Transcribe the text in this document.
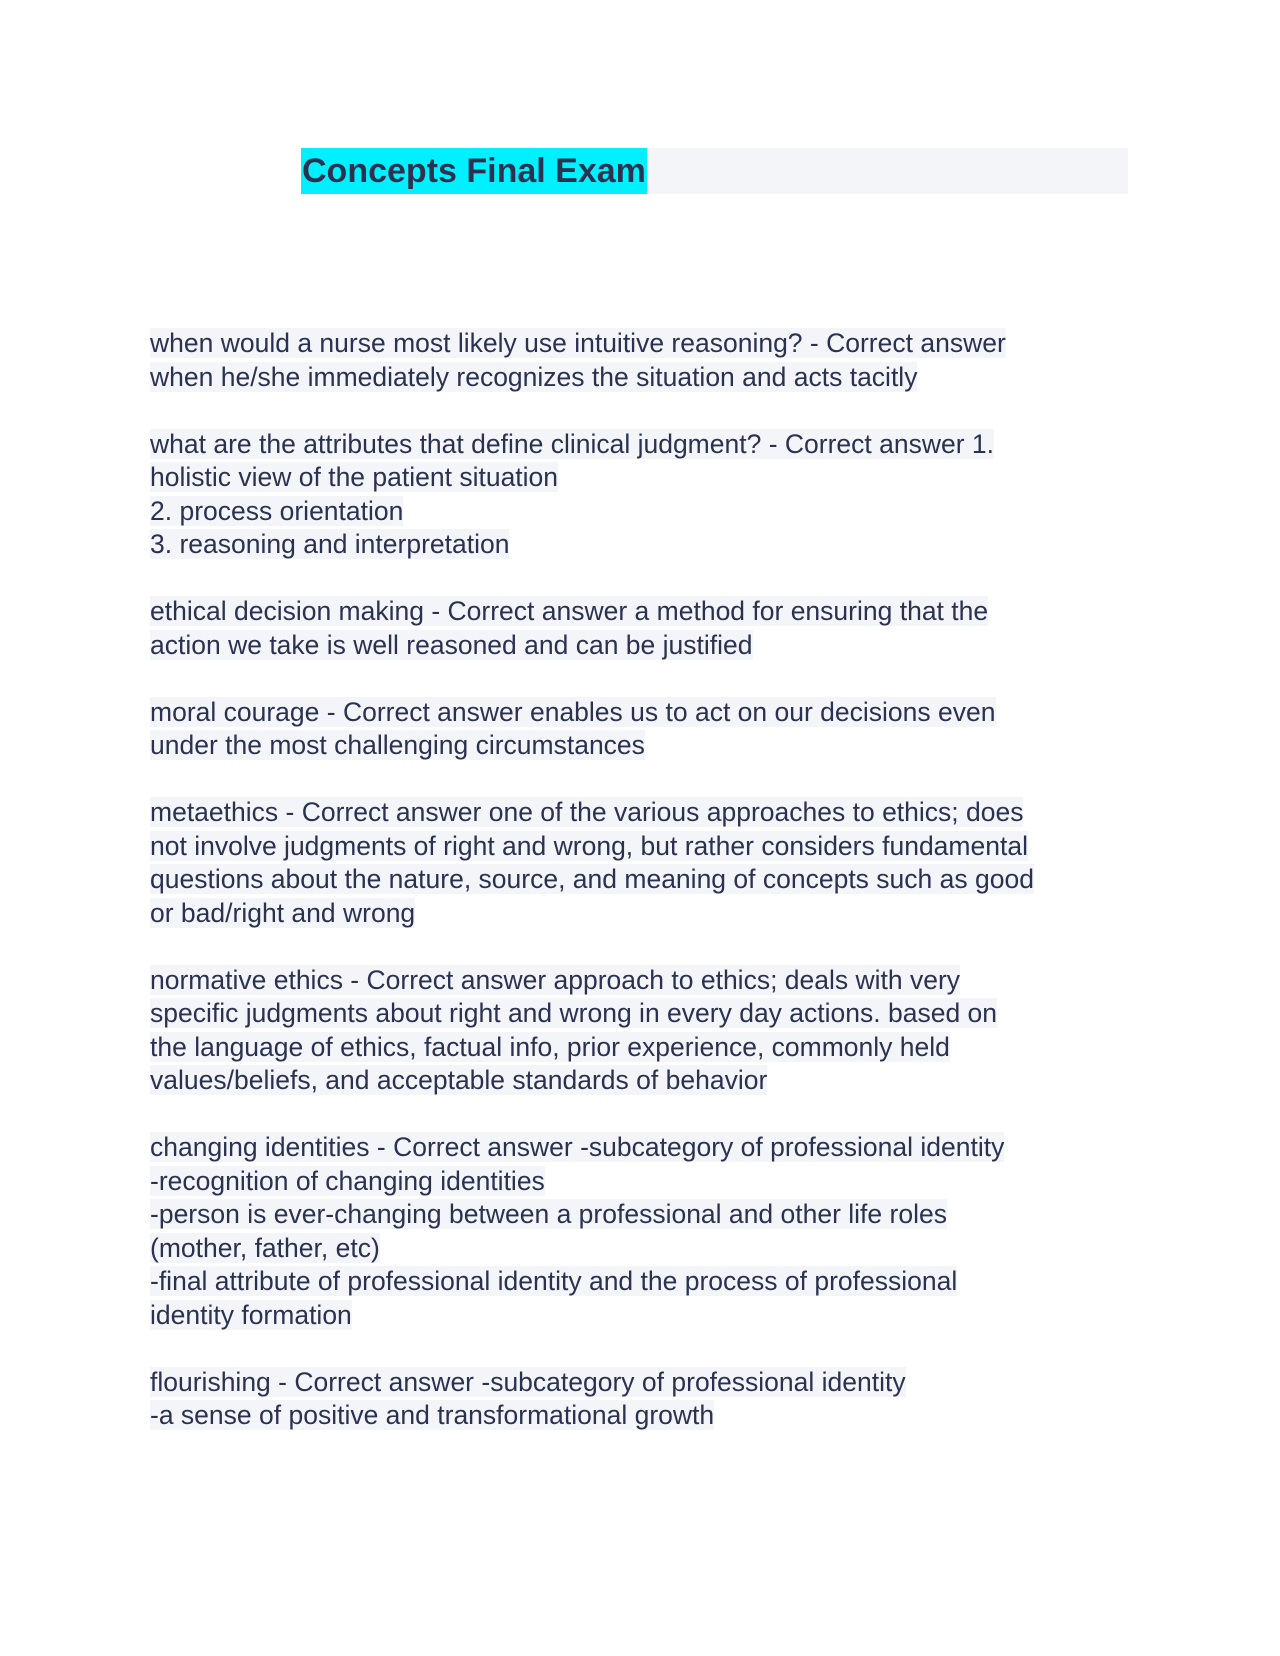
Concepts Final Exam
when would a nurse most likely use intuitive reasoning? - Correct answer
when he/she immediately recognizes the situation and acts tacitly
what are the attributes that define clinical judgment? - Correct answer 1.
holistic view of the patient situation
2. process orientation
3. reasoning and interpretation
ethical decision making - Correct answer a method for ensuring that the
action we take is well reasoned and can be justified
moral courage - Correct answer enables us to act on our decisions even
under the most challenging circumstances
metaethics - Correct answer one of the various approaches to ethics; does
not involve judgments of right and wrong, but rather considers fundamental
questions about the nature, source, and meaning of concepts such as good
or bad/right and wrong
normative ethics - Correct answer approach to ethics; deals with very
specific judgments about right and wrong in every day actions. based on
the language of ethics, factual info, prior experience, commonly held
values/beliefs, and acceptable standards of behavior
changing identities - Correct answer -subcategory of professional identity
-recognition of changing identities
-person is ever-changing between a professional and other life roles
(mother, father, etc)
-final attribute of professional identity and the process of professional
identity formation
flourishing - Correct answer -subcategory of professional identity
-a sense of positive and transformational growth
